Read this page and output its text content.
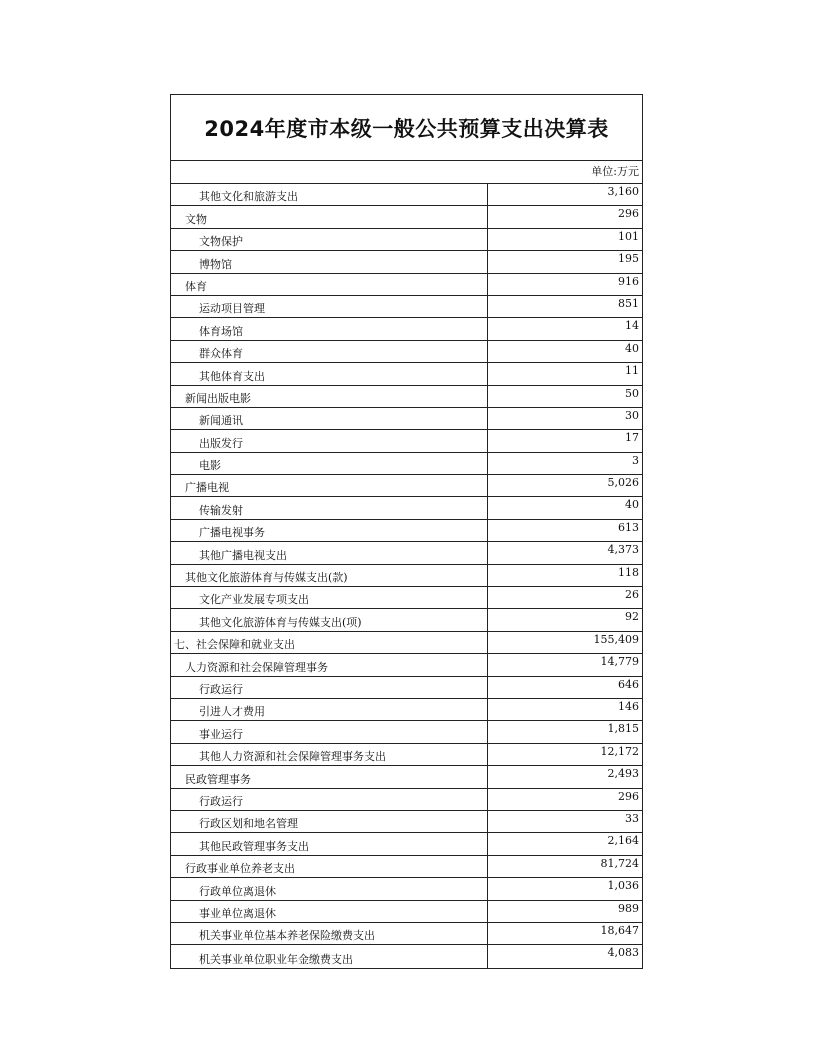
2024年度市本级一般公共预算支出决算表
单位:万元
其他文化和旅游支出	3,160
文物	296
文物保护	101
博物馆	195
体育	916
运动项目管理	851
体育场馆	14
群众体育	40
其他体育支出	11
新闻出版电影	50
新闻通讯	30
出版发行	17
电影	3
广播电视	5,026
传输发射	40
广播电视事务	613
其他广播电视支出	4,373
其他文化旅游体育与传媒支出(款)	118
文化产业发展专项支出	26
其他文化旅游体育与传媒支出(项)	92
七、社会保障和就业支出	155,409
人力资源和社会保障管理事务	14,779
行政运行	646
引进人才费用	146
事业运行	1,815
其他人力资源和社会保障管理事务支出	12,172
民政管理事务	2,493
行政运行	296
行政区划和地名管理	33
其他民政管理事务支出	2,164
行政事业单位养老支出	81,724
行政单位离退休	1,036
事业单位离退休	989
机关事业单位基本养老保险缴费支出	18,647
机关事业单位职业年金缴费支出	4,083
